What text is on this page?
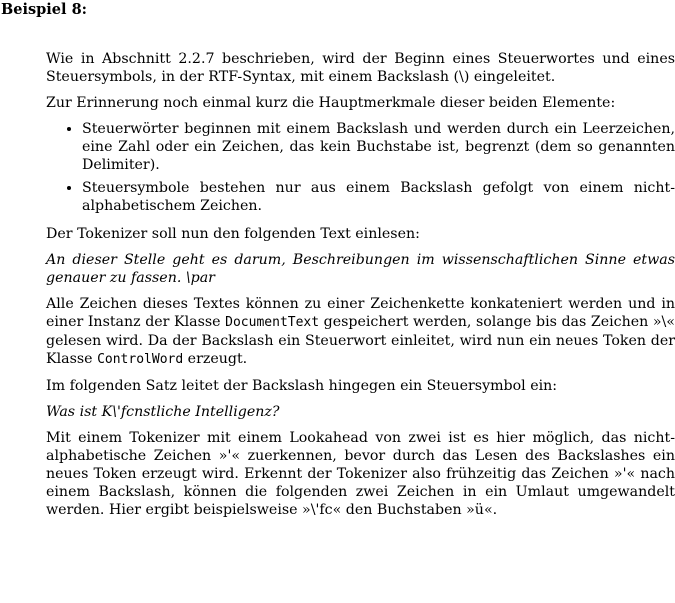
Beispiel 8:

Wie in Abschnitt 2.2.7 beschrieben, wird der Beginn eines Steuerwortes und eines Steuersymbols, in der RTF-Syntax, mit einem Backslash (\) eingeleitet.

Zur Erinnerung noch einmal kurz die Hauptmerkmale dieser beiden Elemente:

• Steuerwörter beginnen mit einem Backslash und werden durch ein Leerzeichen, eine Zahl oder ein Zeichen, das kein Buchstabe ist, begrenzt (dem so genannten Delimiter).
• Steuersymbole bestehen nur aus einem Backslash gefolgt von einem nicht-alphabetischem Zeichen.

Der Tokenizer soll nun den folgenden Text einlesen:

An dieser Stelle geht es darum, Beschreibungen im wissenschaftlichen Sinne etwas genauer zu fassen. \par

Alle Zeichen dieses Textes können zu einer Zeichenkette konkateniert werden und in einer Instanz der Klasse DocumentText gespeichert werden, solange bis das Zeichen »\« gelesen wird. Da der Backslash ein Steuerwort einleitet, wird nun ein neues Token der Klasse ControlWord erzeugt.

Im folgenden Satz leitet der Backslash hingegen ein Steuersymbol ein:

Was ist K\'fcnstliche Intelligenz?

Mit einem Tokenizer mit einem Lookahead von zwei ist es hier möglich, das nicht-alphabetische Zeichen »'« zuerkennen, bevor durch das Lesen des Backslashes ein neues Token erzeugt wird. Erkennt der Tokenizer also frühzeitig das Zeichen »'« nach einem Backslash, können die folgenden zwei Zeichen in ein Umlaut umgewandelt werden. Hier ergibt beispielsweise »\'fc« den Buchstaben »ü«.
